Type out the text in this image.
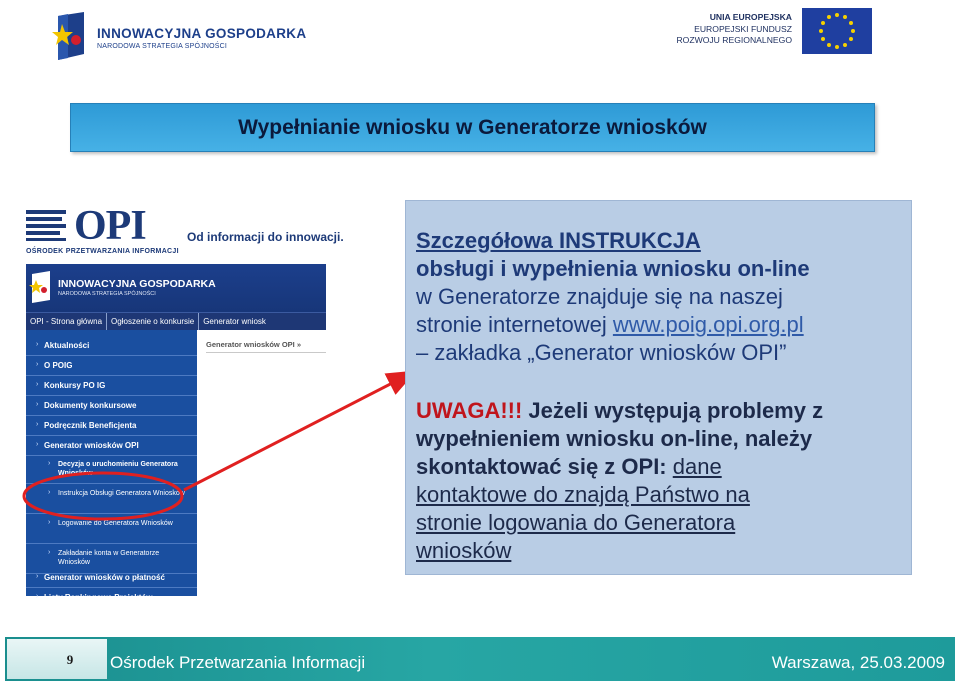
INNOWACYJNA GOSPODARKA
NARODOWA STRATEGIA SPÓJNOŚCI
UNIA EUROPEJSKA
EUROPEJSKI FUNDUSZ
ROZWOJU REGIONALNEGO
Wypełnianie wniosku w Generatorze wniosków
OPI	Od informacji do innowacji.
OŚRODEK PRZETWARZANIA INFORMACJI
INNOWACYJNA GOSPODARKA
NARODOWA STRATEGIA SPÓJNOŚCI
OPI - Strona główna	Ogłoszenie o konkursie	Generator wniosk
› Aktualności
› O POIG
› Konkursy PO IG
› Dokumenty konkursowe
› Podręcznik Beneficjenta
› Generator wniosków OPI
› Decyzja o uruchomieniu Generatora Wniosków
› Instrukcja Obsługi Generatora Wniosków
› Logowanie do Generatora Wniosków
› Zakładanie konta w Generatorze Wniosków
› Generator wniosków o płatność
› Listy Rankingowe Projektów
Generator wniosków OPI »
Szczegółowa INSTRUKCJA
obsługi i wypełnienia wniosku on-line
w Generatorze znajduje się na naszej
stronie internetowej www.poig.opi.org.pl
– zakładka „Generator wniosków OPI”
UWAGA!!! Jeżeli występują problemy z
wypełnieniem wniosku on-line, należy
skontaktować się z OPI: dane
kontaktowe do znajdą Państwo na
stronie logowania do Generatora
wniosków
9	Ośrodek Przetwarzania Informacji	Warszawa, 25.03.2009
